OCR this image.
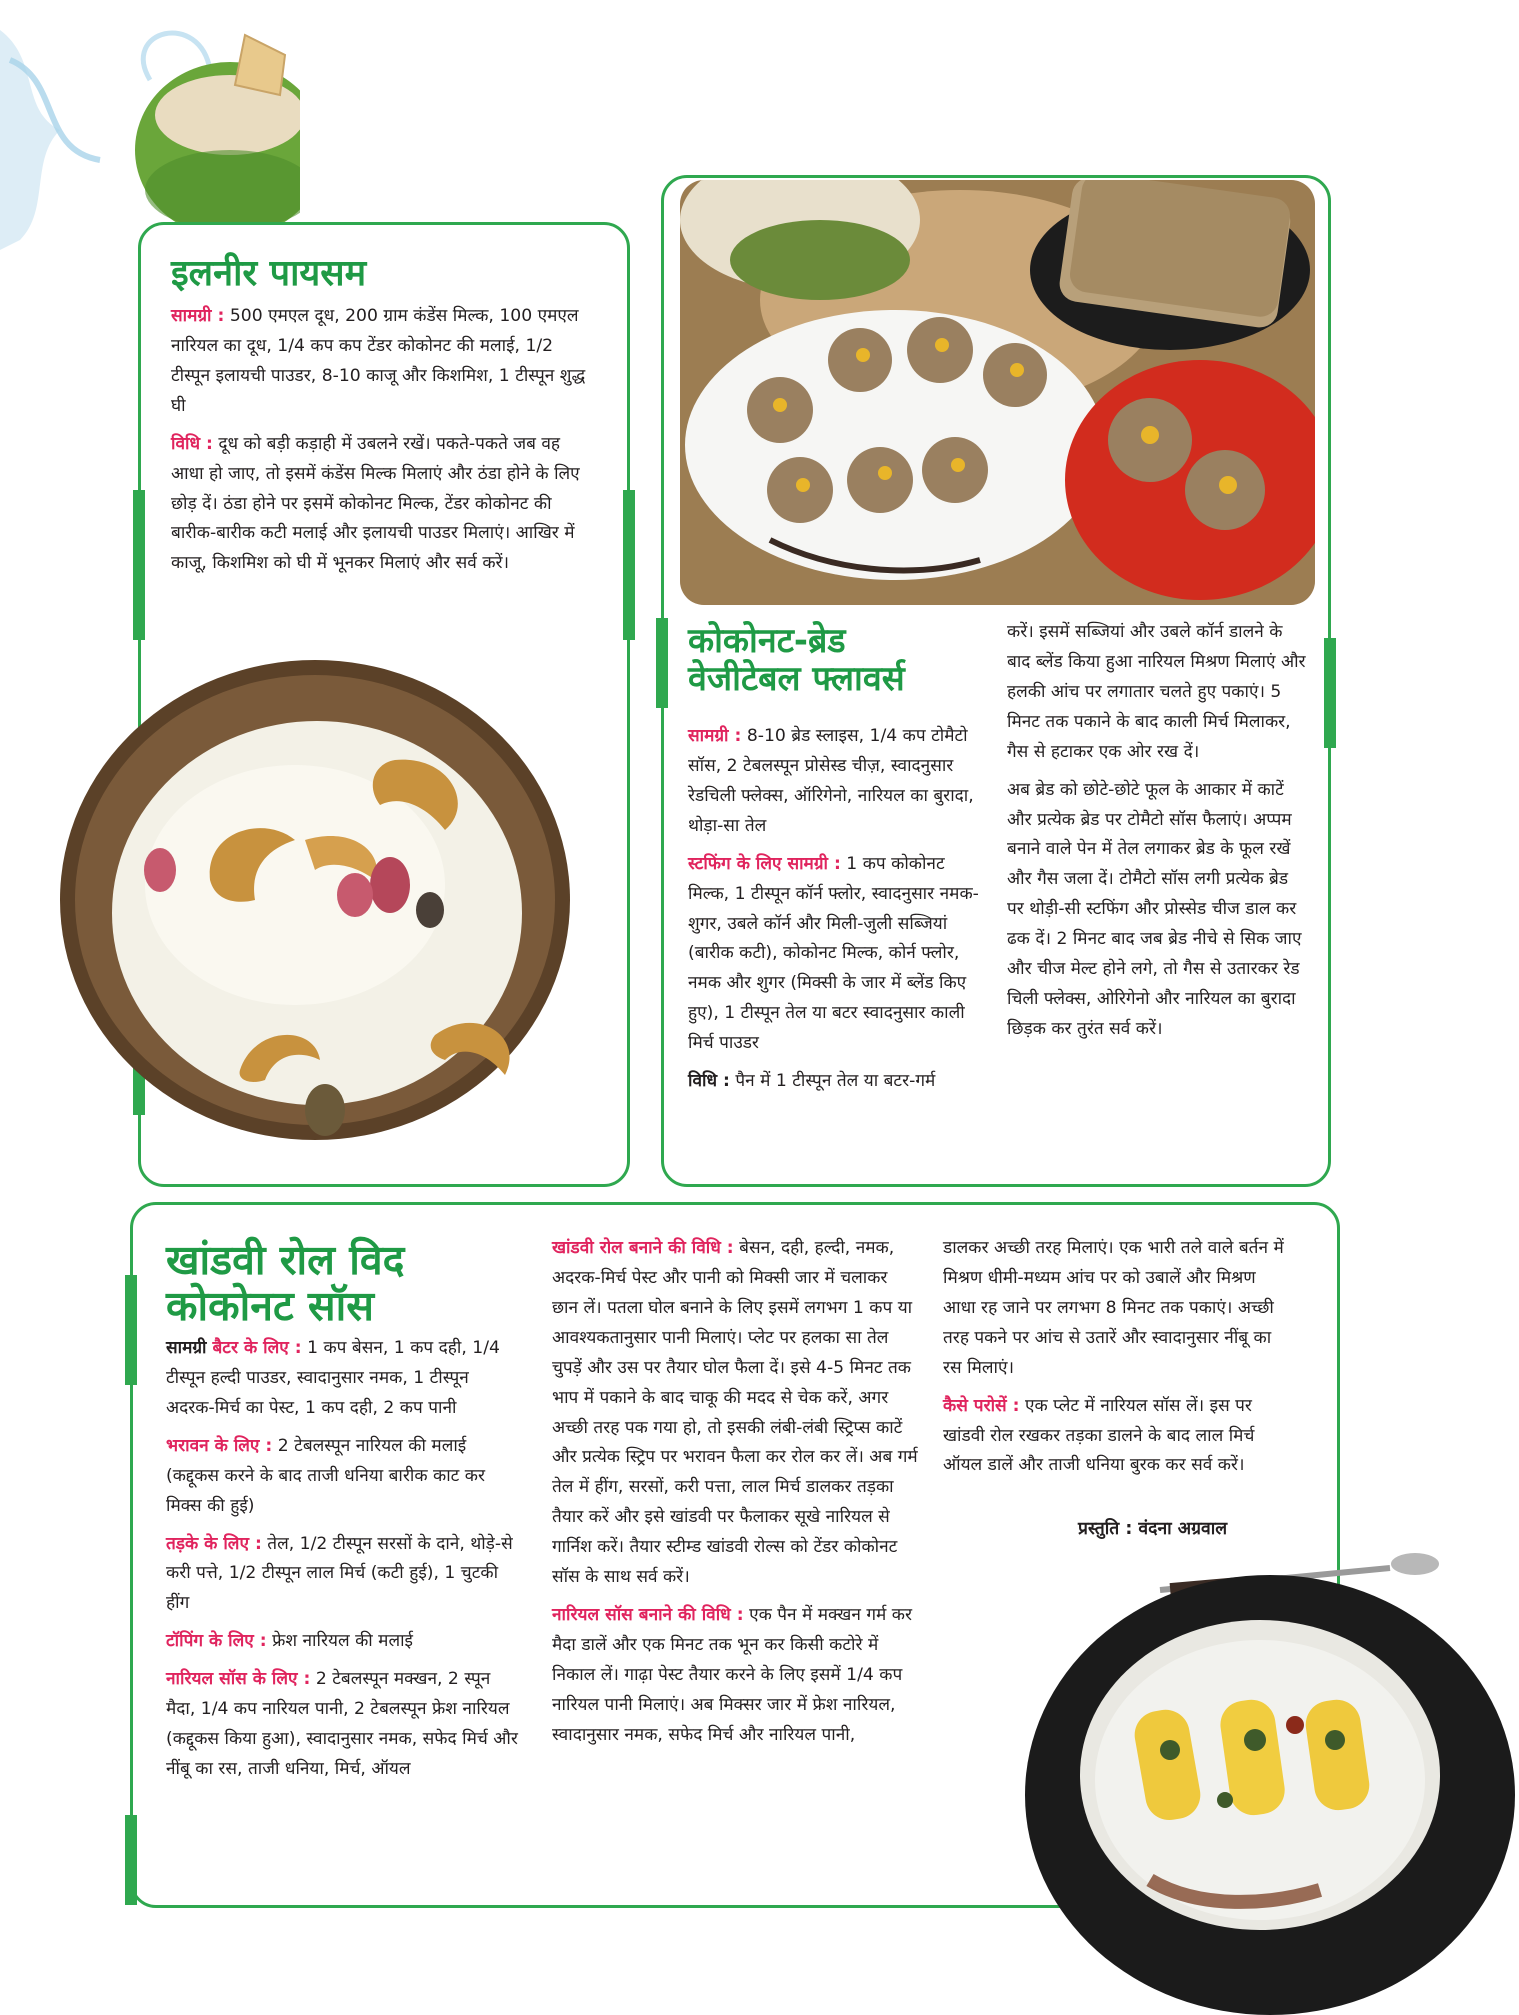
इलनीर पायसम

सामग्री : 500 एमएल दूध, 200 ग्राम कंडेंस मिल्क, 100 एमएल नारियल का दूध, 1/4 कप कप टेंडर कोकोनट की मलाई, 1/2 टीस्पून इलायची पाउडर, 8-10 काजू और किशमिश, 1 टीस्पून शुद्ध घी

विधि : दूध को बड़ी कड़ाही में उबलने रखें। पकते-पकते जब वह आधा हो जाए, तो इसमें कंडेंस मिल्क मिलाएं और ठंडा होने के लिए छोड़ दें। ठंडा होने पर इसमें कोकोनट मिल्क, टेंडर कोकोनट की बारीक-बारीक कटी मलाई और इलायची पाउडर मिलाएं। आखिर में काजू, किशमिश को घी में भूनकर मिलाएं और सर्व करें।

कोकोनट-ब्रेड
वेजीटेबल फ्लावर्स

सामग्री : 8-10 ब्रेड स्लाइस, 1/4 कप टोमैटो सॉस, 2 टेबलस्पून प्रोसेस्ड चीज़, स्वादनुसार रेडचिली फ्लेक्स, ऑरिगेनो, नारियल का बुरादा, थोड़ा-सा तेल

स्टफिंग के लिए सामग्री : 1 कप कोकोनट मिल्क, 1 टीस्पून कॉर्न फ्लोर, स्वादनुसार नमक-शुगर, उबले कॉर्न और मिली-जुली सब्जियां (बारीक कटी), कोकोनट मिल्क, कोर्न फ्लोर, नमक और शुगर (मिक्सी के जार में ब्लेंड किए हुए), 1 टीस्पून तेल या बटर स्वादनुसार काली मिर्च पाउडर

विधि : पैन में 1 टीस्पून तेल या बटर-गर्म

करें। इसमें सब्जियां और उबले कॉर्न डालने के बाद ब्लेंड किया हुआ नारियल मिश्रण मिलाएं और हलकी आंच पर लगातार चलते हुए पकाएं। 5 मिनट तक पकाने के बाद काली मिर्च मिलाकर, गैस से हटाकर एक ओर रख दें।

अब ब्रेड को छोटे-छोटे फूल के आकार में काटें और प्रत्येक ब्रेड पर टोमैटो सॉस फैलाएं। अप्पम बनाने वाले पेन में तेल लगाकर ब्रेड के फूल रखें और गैस जला दें। टोमैटो सॉस लगी प्रत्येक ब्रेड पर थोड़ी-सी स्टफिंग और प्रोस्सेड चीज डाल कर ढक दें। 2 मिनट बाद जब ब्रेड नीचे से सिक जाए और चीज मेल्ट होने लगे, तो गैस से उतारकर रेड चिली फ्लेक्स, ओरिगेनो और नारियल का बुरादा छिड़क कर तुरंत सर्व करें।

खांडवी रोल विद
कोकोनट सॉस

सामग्री बैटर के लिए : 1 कप बेसन, 1 कप दही, 1/4 टीस्पून हल्दी पाउडर, स्वादानुसार नमक, 1 टीस्पून अदरक-मिर्च का पेस्ट, 1 कप दही, 2 कप पानी

भरावन के लिए : 2 टेबलस्पून नारियल की मलाई (कद्दूकस करने के बाद ताजी धनिया बारीक काट कर मिक्स की हुई)

तड़के के लिए : तेल, 1/2 टीस्पून सरसों के दाने, थोड़े-से करी पत्ते, 1/2 टीस्पून लाल मिर्च (कटी हुई), 1 चुटकी हींग

टॉपिंग के लिए : फ्रेश नारियल की मलाई

नारियल सॉस के लिए : 2 टेबलस्पून मक्खन, 2 स्पून मैदा, 1/4 कप नारियल पानी, 2 टेबलस्पून फ्रेश नारियल (कद्दूकस किया हुआ), स्वादानुसार नमक, सफेद मिर्च और नींबू का रस, ताजी धनिया, मिर्च, ऑयल

खांडवी रोल बनाने की विधि : बेसन, दही, हल्दी, नमक, अदरक-मिर्च पेस्ट और पानी को मिक्सी जार में चलाकर छान लें। पतला घोल बनाने के लिए इसमें लगभग 1 कप या आवश्यकतानुसार पानी मिलाएं। प्लेट पर हलका सा तेल चुपड़ें और उस पर तैयार घोल फैला दें। इसे 4-5 मिनट तक भाप में पकाने के बाद चाकू की मदद से चेक करें, अगर अच्छी तरह पक गया हो, तो इसकी लंबी-लंबी स्ट्रिप्स काटें और प्रत्येक स्ट्रिप पर भरावन फैला कर रोल कर लें। अब गर्म तेल में हींग, सरसों, करी पत्ता, लाल मिर्च डालकर तड़का तैयार करें और इसे खांडवी पर फैलाकर सूखे नारियल से गार्निश करें। तैयार स्टीम्ड खांडवी रोल्स को टेंडर कोकोनट सॉस के साथ सर्व करें।

नारियल सॉस बनाने की विधि : एक पैन में मक्खन गर्म कर मैदा डालें और एक मिनट तक भून कर किसी कटोरे में निकाल लें। गाढ़ा पेस्ट तैयार करने के लिए इसमें 1/4 कप नारियल पानी मिलाएं। अब मिक्सर जार में फ्रेश नारियल, स्वादानुसार नमक, सफेद मिर्च और नारियल पानी,

डालकर अच्छी तरह मिलाएं। एक भारी तले वाले बर्तन में मिश्रण धीमी-मध्यम आंच पर को उबालें और मिश्रण आधा रह जाने पर लगभग 8 मिनट तक पकाएं। अच्छी तरह पकने पर आंच से उतारें और स्वादानुसार नींबू का रस मिलाएं।

कैसे परोसें : एक प्लेट में नारियल सॉस लें। इस पर खांडवी रोल रखकर तड़का डालने के बाद लाल मिर्च ऑयल डालें और ताजी धनिया बुरक कर सर्व करें।

प्रस्तुति : वंदना अग्रवाल
